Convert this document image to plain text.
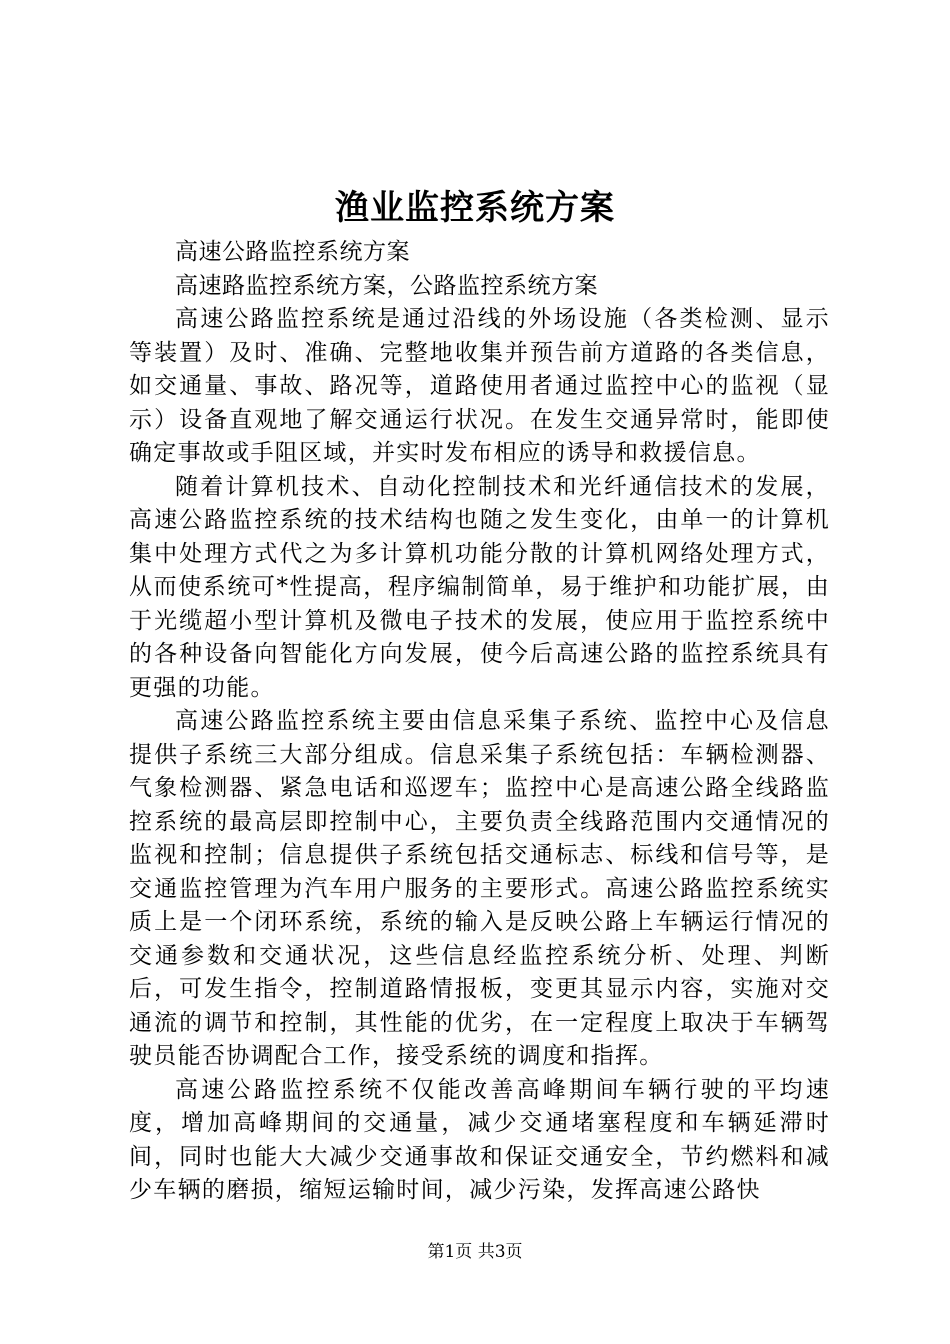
渔业监控系统方案

高速公路监控系统方案

高速路监控系统方案，公路监控系统方案

高速公路监控系统是通过沿线的外场设施（各类检测、显示等装置）及时、准确、完整地收集并预告前方道路的各类信息，如交通量、事故、路况等，道路使用者通过监控中心的监视（显示）设备直观地了解交通运行状况。在发生交通异常时，能即使确定事故或手阻区域，并实时发布相应的诱导和救援信息。

随着计算机技术、自动化控制技术和光纤通信技术的发展，高速公路监控系统的技术结构也随之发生变化，由单一的计算机集中处理方式代之为多计算机功能分散的计算机网络处理方式，从而使系统可*性提高，程序编制简单，易于维护和功能扩展，由于光缆超小型计算机及微电子技术的发展，使应用于监控系统中的各种设备向智能化方向发展，使今后高速公路的监控系统具有更强的功能。

高速公路监控系统主要由信息采集子系统、监控中心及信息提供子系统三大部分组成。信息采集子系统包括：车辆检测器、气象检测器、紧急电话和巡逻车；监控中心是高速公路全线路监控系统的最高层即控制中心，主要负责全线路范围内交通情况的监视和控制；信息提供子系统包括交通标志、标线和信号等，是交通监控管理为汽车用户服务的主要形式。高速公路监控系统实质上是一个闭环系统，系统的输入是反映公路上车辆运行情况的交通参数和交通状况，这些信息经监控系统分析、处理、判断后，可发生指令，控制道路情报板，变更其显示内容，实施对交通流的调节和控制，其性能的优劣，在一定程度上取决于车辆驾驶员能否协调配合工作，接受系统的调度和指挥。

高速公路监控系统不仅能改善高峰期间车辆行驶的平均速度，增加高峰期间的交通量，减少交通堵塞程度和车辆延滞时间，同时也能大大减少交通事故和保证交通安全，节约燃料和减少车辆的磨损，缩短运输时间，减少污染，发挥高速公路快

第1页 共3页
